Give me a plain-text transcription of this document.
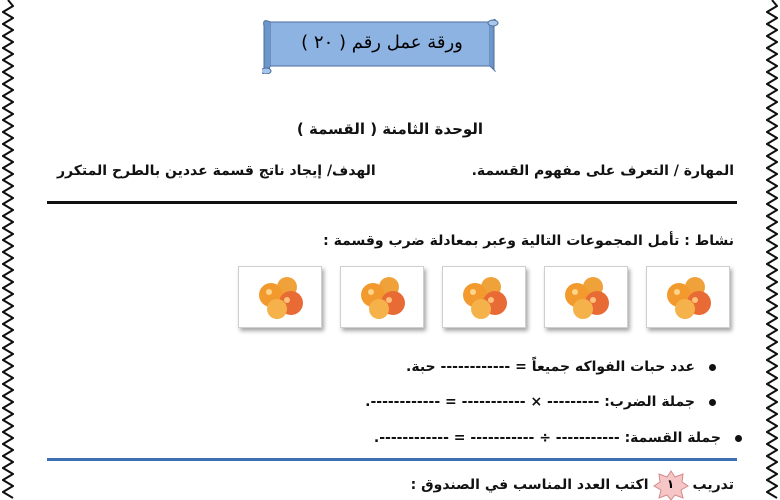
ورقة عمل رقم ( ٢٠ )
الوحدة الثامنة ( القسمة )
المهارة / التعرف على مفهوم القسمة.
الهدف/ إيجاد ناتج قسمة عددين بالطرح المتكرر
نشاط : تأمل المجموعات التالية وعبر بمعادلة ضرب وقسمة :
عدد حبات الفواكه جميعاً = ------------ حبة.
جملة الضرب: --------- × ----------- = ------------.
جملة القسمة: ----------- ÷ ----------- = ------------.
تدريب
١
اكتب العدد المناسب في الصندوق :
